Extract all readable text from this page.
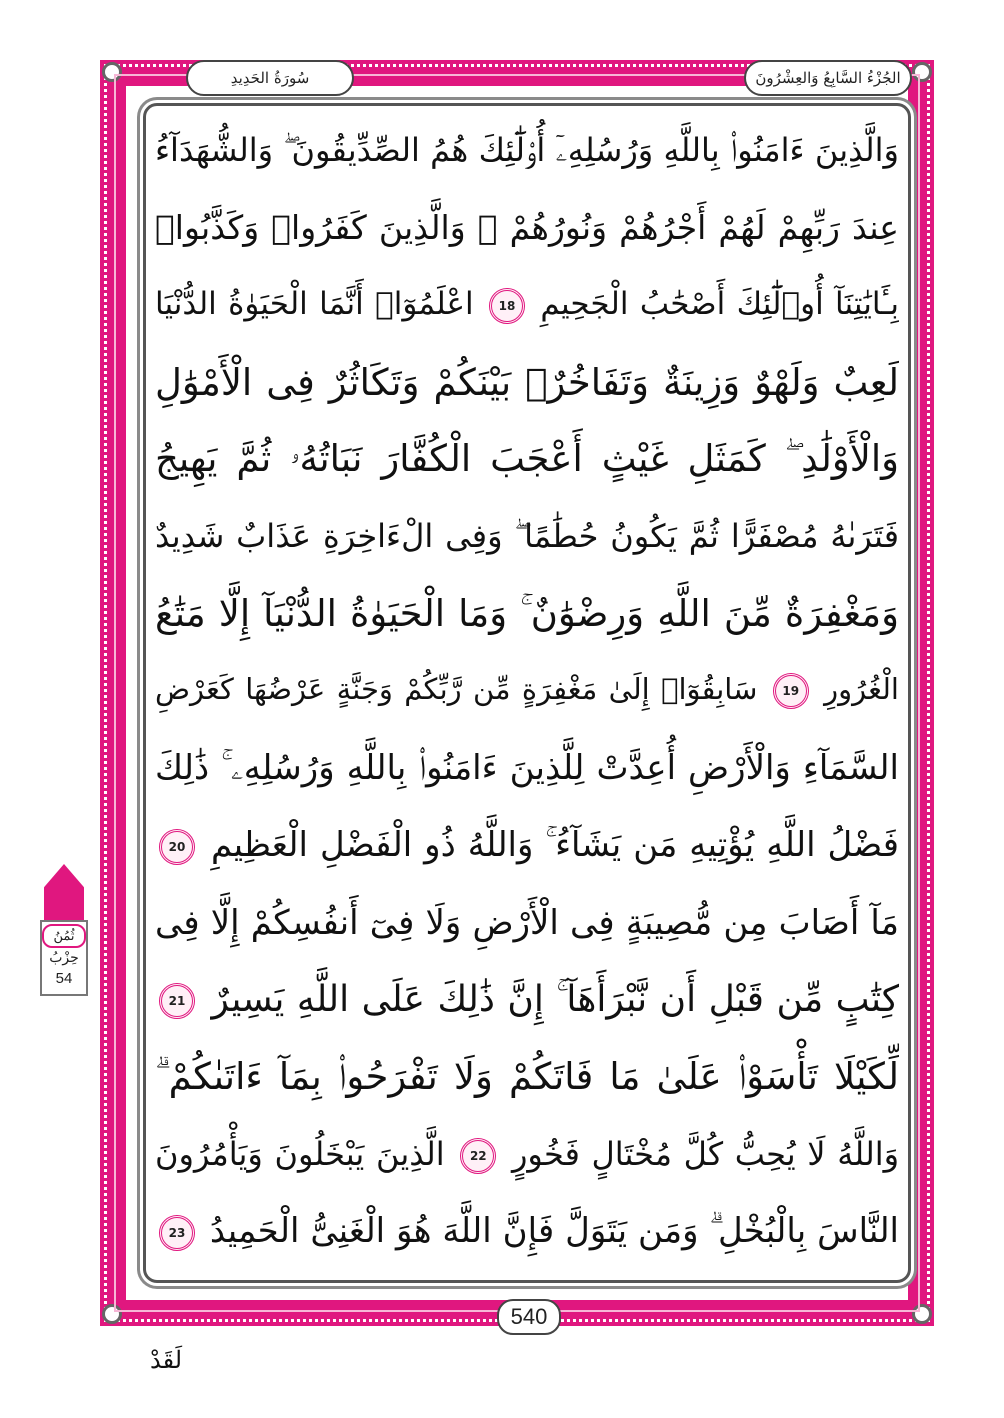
الجُزْءُ السَّابِعُ وَالعِشْرُونَ
سُورَةُ الحَدِيدِ
وَالَّذِينَ ءَامَنُوا۟ بِاللَّهِ وَرُسُلِهِۦٓ أُو۟لَٰٓئِكَ هُمُ الصِّدِّيقُونَ ۖ وَالشُّهَدَآءُ
عِندَ رَبِّهِمْ لَهُمْ أَجْرُهُمْ وَنُورُهُمْ ۖ وَالَّذِينَ كَفَرُوا۟ وَكَذَّبُوا۟
بِـَٔايَٰتِنَآ أُو۟لَٰٓئِكَ أَصْحَٰبُ الْجَحِيمِ 18 اعْلَمُوٓا۟ أَنَّمَا الْحَيَوٰةُ الدُّنْيَا
لَعِبٌ وَلَهْوٌ وَزِينَةٌ وَتَفَاخُرٌۢ بَيْنَكُمْ وَتَكَاثُرٌ فِى الْأَمْوَٰلِ
وَالْأَوْلَٰدِ ۖ كَمَثَلِ غَيْثٍ أَعْجَبَ الْكُفَّارَ نَبَاتُهُۥ ثُمَّ يَهِيجُ
فَتَرَىٰهُ مُصْفَرًّا ثُمَّ يَكُونُ حُطَٰمًا ۖ وَفِى الْءَاخِرَةِ عَذَابٌ شَدِيدٌ
وَمَغْفِرَةٌ مِّنَ اللَّهِ وَرِضْوَٰنٌ ۚ وَمَا الْحَيَوٰةُ الدُّنْيَآ إِلَّا مَتَٰعُ
الْغُرُورِ 19 سَابِقُوٓا۟ إِلَىٰ مَغْفِرَةٍ مِّن رَّبِّكُمْ وَجَنَّةٍ عَرْضُهَا كَعَرْضِ
السَّمَآءِ وَالْأَرْضِ أُعِدَّتْ لِلَّذِينَ ءَامَنُوا۟ بِاللَّهِ وَرُسُلِهِۦ ۚ ذَٰلِكَ
فَضْلُ اللَّهِ يُؤْتِيهِ مَن يَشَآءُ ۚ وَاللَّهُ ذُو الْفَضْلِ الْعَظِيمِ 20
مَآ أَصَابَ مِن مُّصِيبَةٍ فِى الْأَرْضِ وَلَا فِىٓ أَنفُسِكُمْ إِلَّا فِى
كِتَٰبٍ مِّن قَبْلِ أَن نَّبْرَأَهَآ ۚ إِنَّ ذَٰلِكَ عَلَى اللَّهِ يَسِيرٌ 21
لِّكَيْلَا تَأْسَوْا۟ عَلَىٰ مَا فَاتَكُمْ وَلَا تَفْرَحُوا۟ بِمَآ ءَاتَىٰكُمْ ۗ
وَاللَّهُ لَا يُحِبُّ كُلَّ مُخْتَالٍ فَخُورٍ 22 الَّذِينَ يَبْخَلُونَ وَيَأْمُرُونَ
النَّاسَ بِالْبُخْلِ ۗ وَمَن يَتَوَلَّ فَإِنَّ اللَّهَ هُوَ الْغَنِىُّ الْحَمِيدُ 23
ثُمُنُ
حِزْبُ
54
540
لَقَدْ
